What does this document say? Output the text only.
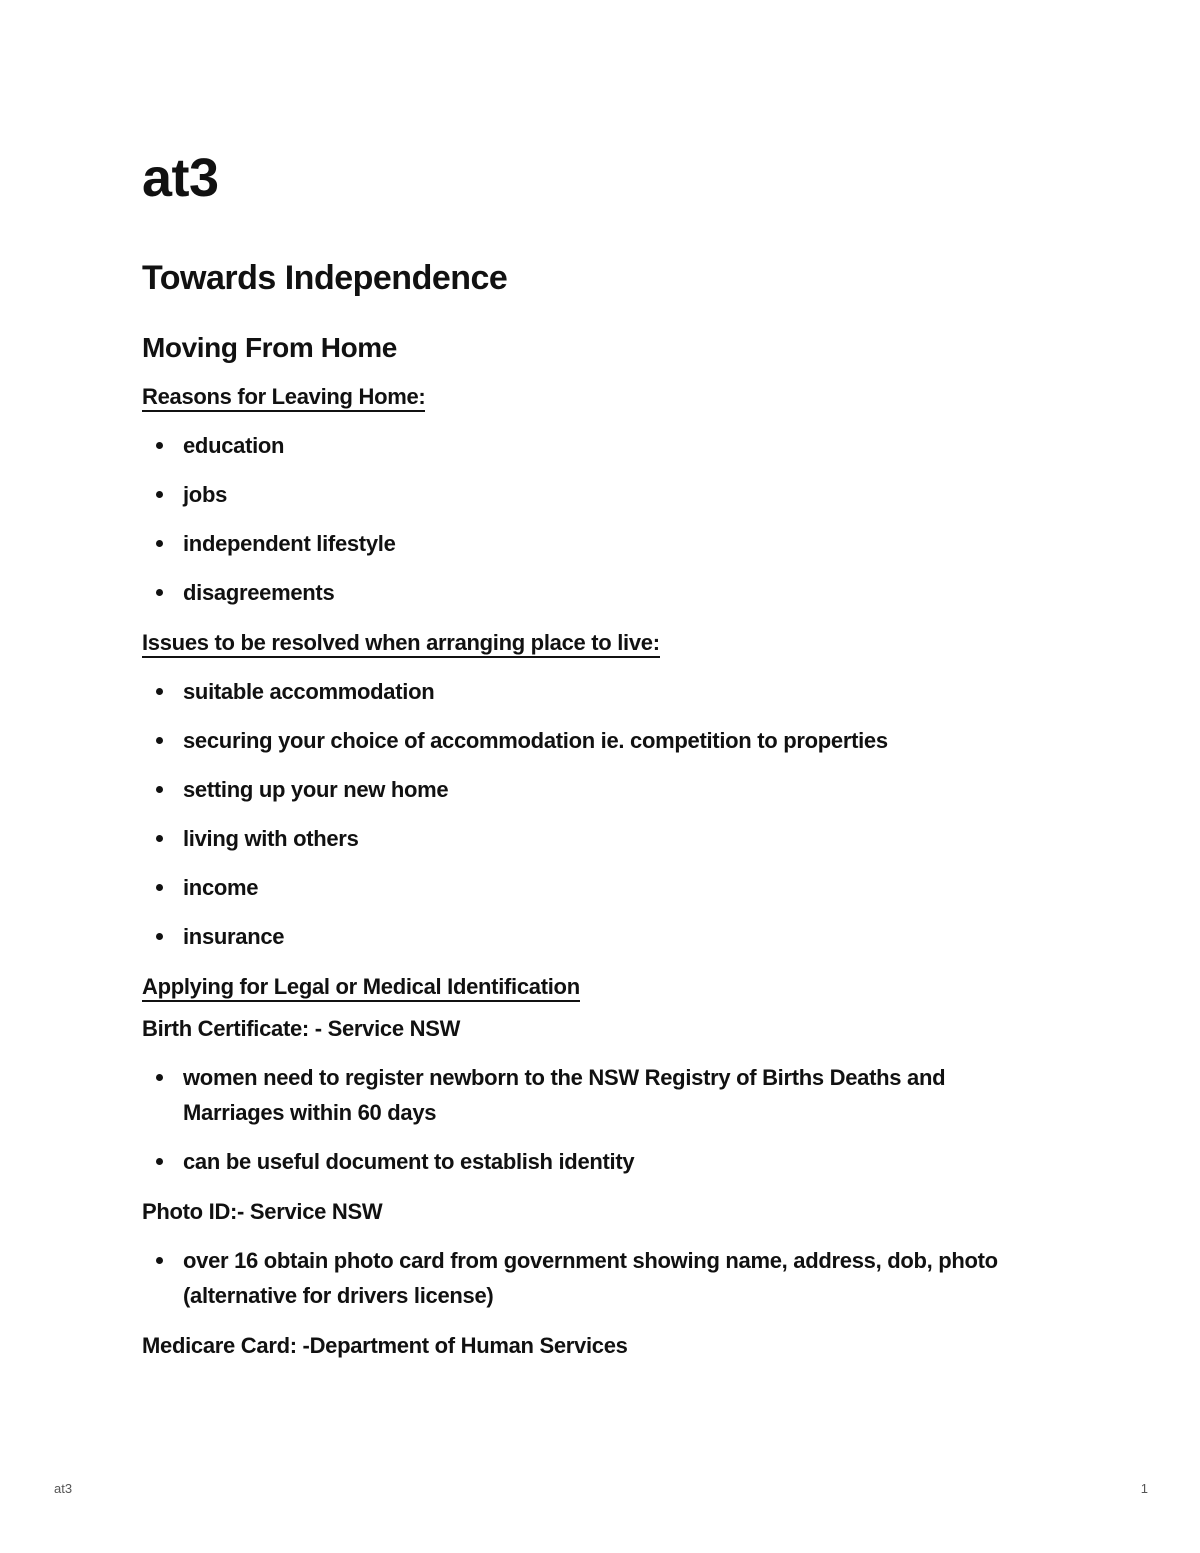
at3
Towards Independence
Moving From Home

Reasons for Leaving Home:

education
jobs
independent lifestyle
disagreements

Issues to be resolved when arranging place to live:

suitable accommodation
securing your choice of accommodation ie. competition to properties
setting up your new home
living with others
income
insurance

Applying for Legal or Medical Identification

Birth Certificate: - Service NSW

women need to register newborn to the NSW Registry of Births Deaths and Marriages within 60 days
can be useful document to establish identity

Photo ID:- Service NSW

over 16 obtain photo card from government showing name, address, dob, photo (alternative for drivers license)

Medicare Card: -Department of Human Services

at3	1
